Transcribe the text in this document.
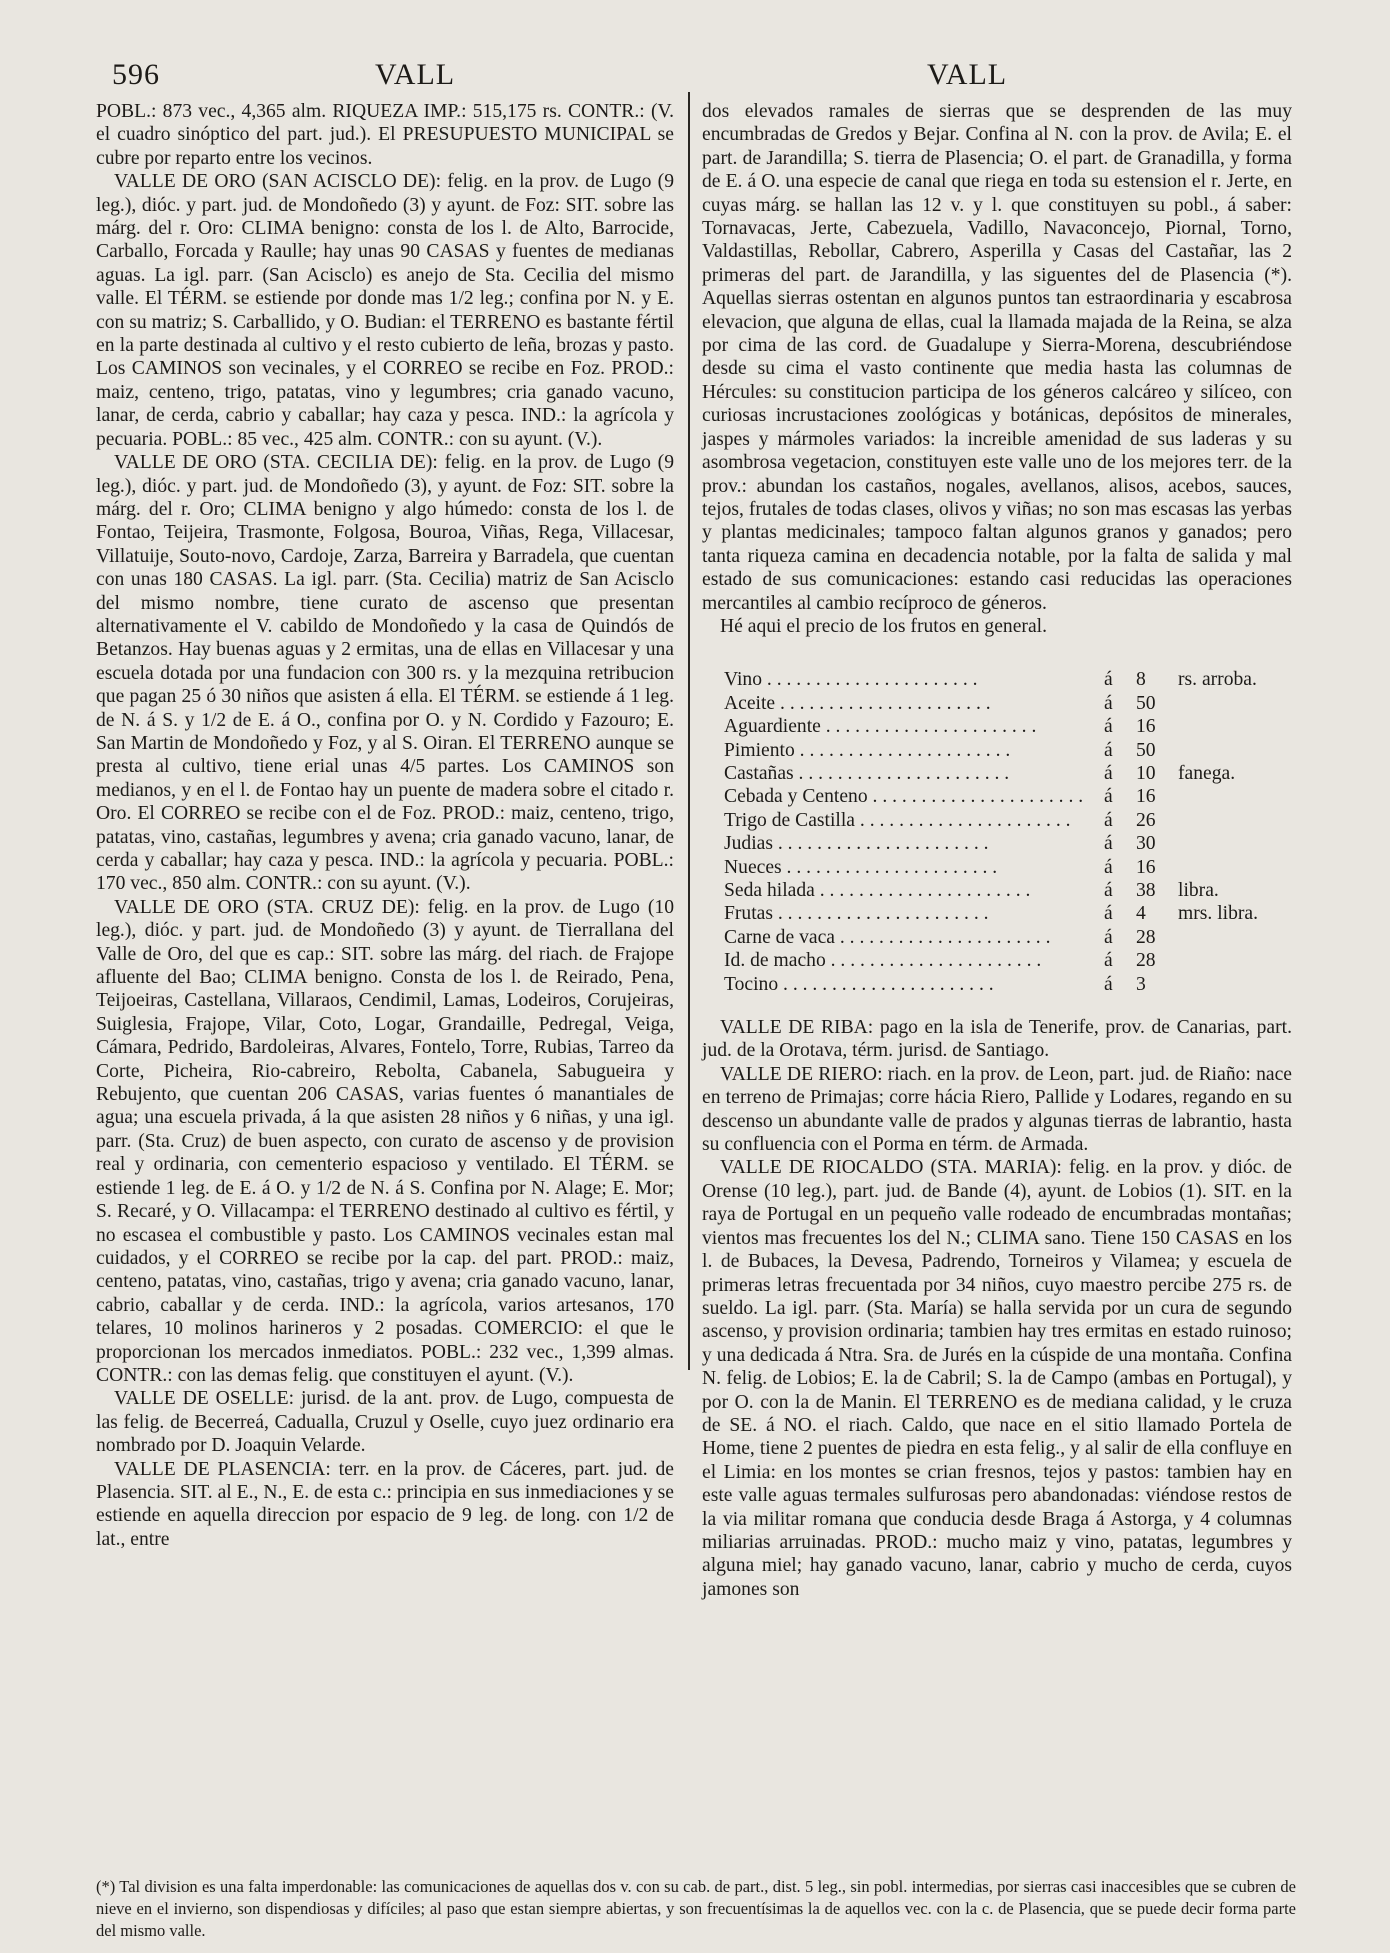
596	VALL	VALL

POBL.: 873 vec., 4,365 alm. RIQUEZA IMP.: 515,175 rs. CONTR.: (V. el cuadro sinóptico del part. jud.). El PRESUPUESTO MUNICIPAL se cubre por reparto entre los vecinos.

VALLE DE ORO (SAN ACISCLO DE): felig. en la prov. de Lugo (9 leg.), dióc. y part. jud. de Mondoñedo (3) y ayunt. de Foz: SIT. sobre las márg. del r. Oro: CLIMA benigno: consta de los l. de Alto, Barrocide, Carballo, Forcada y Raulle; hay unas 90 CASAS y fuentes de medianas aguas. La igl. parr. (San Acisclo) es anejo de Sta. Cecilia del mismo valle. El TÉRM. se estiende por donde mas 1/2 leg.; confina por N. y E. con su matriz; S. Carballido, y O. Budian: el TERRENO es bastante fértil en la parte destinada al cultivo y el resto cubierto de leña, brozas y pasto. Los CAMINOS son vecinales, y el CORREO se recibe en Foz. PROD.: maiz, centeno, trigo, patatas, vino y legumbres; cria ganado vacuno, lanar, de cerda, cabrio y caballar; hay caza y pesca. IND.: la agrícola y pecuaria. POBL.: 85 vec., 425 alm. CONTR.: con su ayunt. (V.).

VALLE DE ORO (STA. CECILIA DE): felig. en la prov. de Lugo (9 leg.), dióc. y part. jud. de Mondoñedo (3), y ayunt. de Foz: SIT. sobre la márg. del r. Oro; CLIMA benigno y algo húmedo: consta de los l. de Fontao, Teijeira, Trasmonte, Folgosa, Bouroa, Viñas, Rega, Villacesar, Villatuije, Souto-novo, Cardoje, Zarza, Barreira y Barradela, que cuentan con unas 180 CASAS. La igl. parr. (Sta. Cecilia) matriz de San Acisclo del mismo nombre, tiene curato de ascenso que presentan alternativamente el V. cabildo de Mondoñedo y la casa de Quindós de Betanzos. Hay buenas aguas y 2 ermitas, una de ellas en Villacesar y una escuela dotada por una fundacion con 300 rs. y la mezquina retribucion que pagan 25 ó 30 niños que asisten á ella. El TÉRM. se estiende á 1 leg. de N. á S. y 1/2 de E. á O., confina por O. y N. Cordido y Fazouro; E. San Martin de Mondoñedo y Foz, y al S. Oiran. El TERRENO aunque se presta al cultivo, tiene erial unas 4/5 partes. Los CAMINOS son medianos, y en el l. de Fontao hay un puente de madera sobre el citado r. Oro. El CORREO se recibe con el de Foz. PROD.: maiz, centeno, trigo, patatas, vino, castañas, legumbres y avena; cria ganado vacuno, lanar, de cerda y caballar; hay caza y pesca. IND.: la agrícola y pecuaria. POBL.: 170 vec., 850 alm. CONTR.: con su ayunt. (V.).

VALLE DE ORO (STA. CRUZ DE): felig. en la prov. de Lugo (10 leg.), dióc. y part. jud. de Mondoñedo (3) y ayunt. de Tierrallana del Valle de Oro, del que es cap.: SIT. sobre las márg. del riach. de Frajope afluente del Bao; CLIMA benigno. Consta de los l. de Reirado, Pena, Teijoeiras, Castellana, Villaraos, Cendimil, Lamas, Lodeiros, Corujeiras, Suiglesia, Frajope, Vilar, Coto, Logar, Grandaille, Pedregal, Veiga, Cámara, Pedrido, Bardoleiras, Alvares, Fontelo, Torre, Rubias, Tarreo da Corte, Picheira, Rio-cabreiro, Rebolta, Cabanela, Sabugueira y Rebujento, que cuentan 206 CASAS, varias fuentes ó manantiales de agua; una escuela privada, á la que asisten 28 niños y 6 niñas, y una igl. parr. (Sta. Cruz) de buen aspecto, con curato de ascenso y de provision real y ordinaria, con cementerio espacioso y ventilado. El TÉRM. se estiende 1 leg. de E. á O. y 1/2 de N. á S. Confina por N. Alage; E. Mor; S. Recaré, y O. Villacampa: el TERRENO destinado al cultivo es fértil, y no escasea el combustible y pasto. Los CAMINOS vecinales estan mal cuidados, y el CORREO se recibe por la cap. del part. PROD.: maiz, centeno, patatas, vino, castañas, trigo y avena; cria ganado vacuno, lanar, cabrio, caballar y de cerda. IND.: la agrícola, varios artesanos, 170 telares, 10 molinos harineros y 2 posadas. COMERCIO: el que le proporcionan los mercados inmediatos. POBL.: 232 vec., 1,399 almas. CONTR.: con las demas felig. que constituyen el ayunt. (V.).

VALLE DE OSELLE: jurisd. de la ant. prov. de Lugo, compuesta de las felig. de Becerreá, Cadualla, Cruzul y Oselle, cuyo juez ordinario era nombrado por D. Joaquin Velarde.

VALLE DE PLASENCIA: terr. en la prov. de Cáceres, part. jud. de Plasencia. SIT. al E., N., E. de esta c.: principia en sus inmediaciones y se estiende en aquella direccion por espacio de 9 leg. de long. con 1/2 de lat., entre

dos elevados ramales de sierras que se desprenden de las muy encumbradas de Gredos y Bejar. Confina al N. con la prov. de Avila; E. el part. de Jarandilla; S. tierra de Plasencia; O. el part. de Granadilla, y forma de E. á O. una especie de canal que riega en toda su estension el r. Jerte, en cuyas márg. se hallan las 12 v. y l. que constituyen su pobl., á saber: Tornavacas, Jerte, Cabezuela, Vadillo, Navaconcejo, Piornal, Torno, Valdastillas, Rebollar, Cabrero, Asperilla y Casas del Castañar, las 2 primeras del part. de Jarandilla, y las siguentes del de Plasencia (*). Aquellas sierras ostentan en algunos puntos tan estraordinaria y escabrosa elevacion, que alguna de ellas, cual la llamada majada de la Reina, se alza por cima de las cord. de Guadalupe y Sierra-Morena, descubriéndose desde su cima el vasto continente que media hasta las columnas de Hércules: su constitucion participa de los géneros calcáreo y silíceo, con curiosas incrustaciones zoológicas y botánicas, depósitos de minerales, jaspes y mármoles variados: la increible amenidad de sus laderas y su asombrosa vegetacion, constituyen este valle uno de los mejores terr. de la prov.: abundan los castaños, nogales, avellanos, alisos, acebos, sauces, tejos, frutales de todas clases, olivos y viñas; no son mas escasas las yerbas y plantas medicinales; tampoco faltan algunos granos y ganados; pero tanta riqueza camina en decadencia notable, por la falta de salida y mal estado de sus comunicaciones: estando casi reducidas las operaciones mercantiles al cambio recíproco de géneros.

Hé aqui el precio de los frutos en general.

Vino . . . . . . . . . . . . . . . . . . . . . .	á	8	rs. arroba.
Aceite . . . . . . . . . . . . . . . . . . . . . .	á	50	
Aguardiente . . . . . . . . . . . . . . . . . . . . . .	á	16	
Pimiento . . . . . . . . . . . . . . . . . . . . . .	á	50	
Castañas . . . . . . . . . . . . . . . . . . . . . .	á	10	fanega.
Cebada y Centeno . . . . . . . . . . . . . . . . . . . . . .	á	16	
Trigo de Castilla . . . . . . . . . . . . . . . . . . . . . .	á	26	
Judias . . . . . . . . . . . . . . . . . . . . . .	á	30	
Nueces . . . . . . . . . . . . . . . . . . . . . .	á	16	
Seda hilada . . . . . . . . . . . . . . . . . . . . . .	á	38	libra.
Frutas . . . . . . . . . . . . . . . . . . . . . .	á	4	mrs. libra.
Carne de vaca . . . . . . . . . . . . . . . . . . . . . .	á	28	
Id. de macho . . . . . . . . . . . . . . . . . . . . . .	á	28	
Tocino . . . . . . . . . . . . . . . . . . . . . .	á	3	

VALLE DE RIBA: pago en la isla de Tenerife, prov. de Canarias, part. jud. de la Orotava, térm. jurisd. de Santiago.

VALLE DE RIERO: riach. en la prov. de Leon, part. jud. de Riaño: nace en terreno de Primajas; corre hácia Riero, Pallide y Lodares, regando en su descenso un abundante valle de prados y algunas tierras de labrantio, hasta su confluencia con el Porma en térm. de Armada.

VALLE DE RIOCALDO (STA. MARIA): felig. en la prov. y dióc. de Orense (10 leg.), part. jud. de Bande (4), ayunt. de Lobios (1). SIT. en la raya de Portugal en un pequeño valle rodeado de encumbradas montañas; vientos mas frecuentes los del N.; CLIMA sano. Tiene 150 CASAS en los l. de Bubaces, la Devesa, Padrendo, Torneiros y Vilamea; y escuela de primeras letras frecuentada por 34 niños, cuyo maestro percibe 275 rs. de sueldo. La igl. parr. (Sta. María) se halla servida por un cura de segundo ascenso, y provision ordinaria; tambien hay tres ermitas en estado ruinoso; y una dedicada á Ntra. Sra. de Jurés en la cúspide de una montaña. Confina N. felig. de Lobios; E. la de Cabril; S. la de Campo (ambas en Portugal), y por O. con la de Manin. El TERRENO es de mediana calidad, y le cruza de SE. á NO. el riach. Caldo, que nace en el sitio llamado Portela de Home, tiene 2 puentes de piedra en esta felig., y al salir de ella confluye en el Limia: en los montes se crian fresnos, tejos y pastos: tambien hay en este valle aguas termales sulfurosas pero abandonadas: viéndose restos de la via militar romana que conducia desde Braga á Astorga, y 4 columnas miliarias arruinadas. PROD.: mucho maiz y vino, patatas, legumbres y alguna miel; hay ganado vacuno, lanar, cabrio y mucho de cerda, cuyos jamones son

(*) Tal division es una falta imperdonable: las comunicaciones de aquellas dos v. con su cab. de part., dist. 5 leg., sin pobl. intermedias, por sierras casi inaccesibles que se cubren de nieve en el invierno, son dispendiosas y difíciles; al paso que estan siempre abiertas, y son frecuentísimas la de aquellos vec. con la c. de Plasencia, que se puede decir forma parte del mismo valle.
